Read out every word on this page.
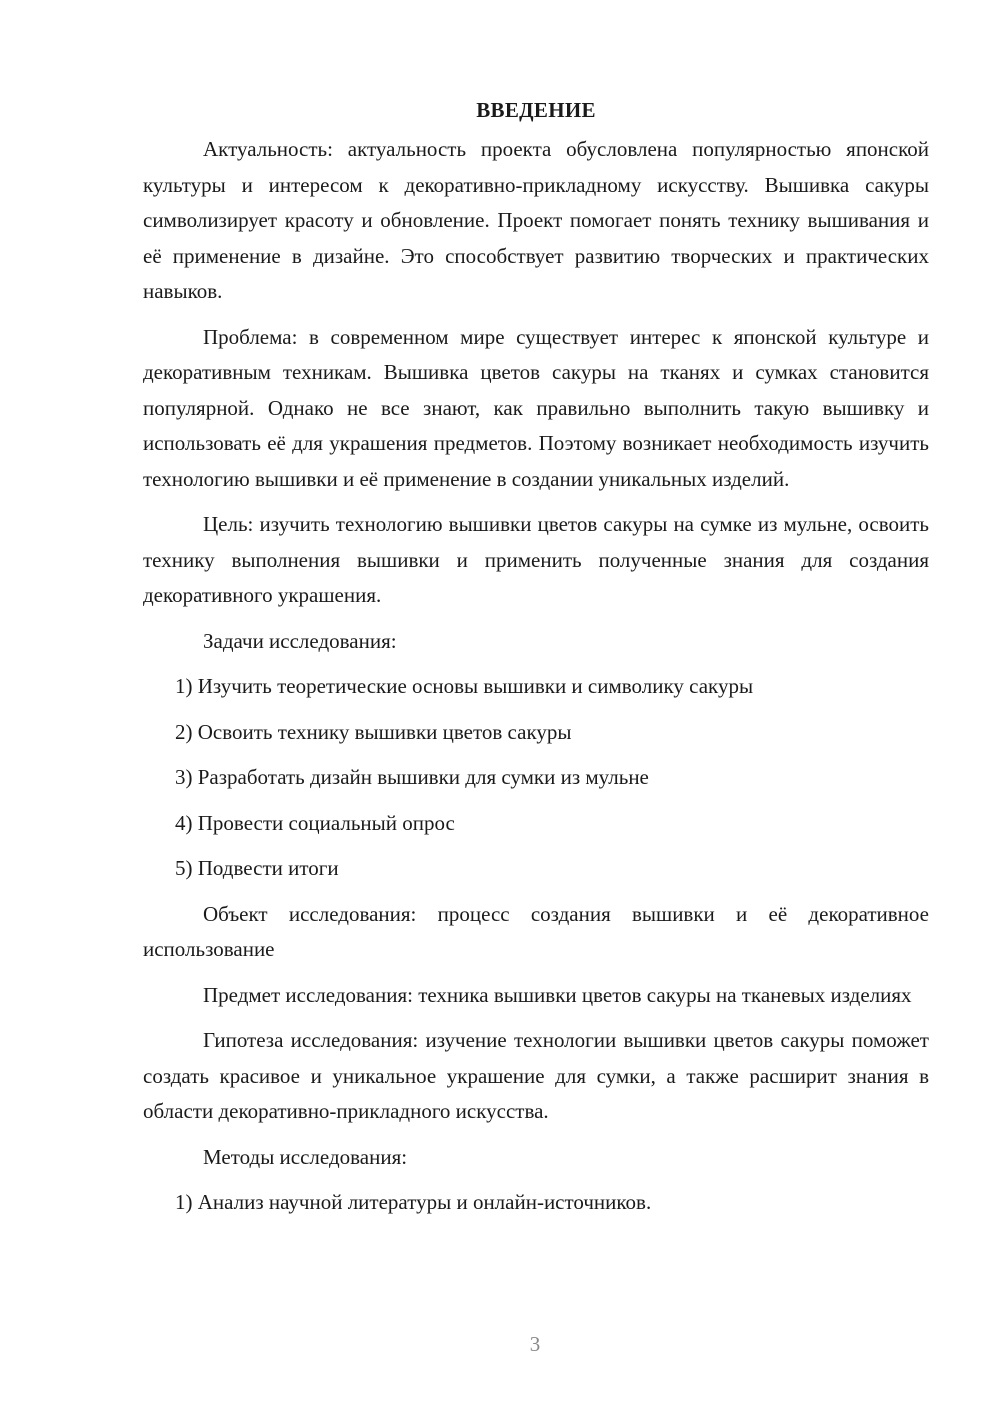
ВВЕДЕНИЕ

Актуальность: актуальность проекта обусловлена популярностью японской культуры и интересом к декоративно-прикладному искусству. Вышивка сакуры символизирует красоту и обновление. Проект помогает понять технику вышивания и её применение в дизайне. Это способствует развитию творческих и практических навыков.

Проблема: в современном мире существует интерес к японской культуре и декоративным техникам. Вышивка цветов сакуры на тканях и сумках становится популярной. Однако не все знают, как правильно выполнить такую вышивку и использовать её для украшения предметов. Поэтому возникает необходимость изучить технологию вышивки и её применение в создании уникальных изделий.

Цель: изучить технологию вышивки цветов сакуры на сумке из мульне, освоить технику выполнения вышивки и применить полученные знания для создания декоративного украшения.

Задачи исследования:

1) Изучить теоретические основы вышивки и символику сакуры
2) Освоить технику вышивки цветов сакуры
3) Разработать дизайн вышивки для сумки из мульне
4) Провести социальный опрос
5) Подвести итоги

Объект исследования: процесс создания вышивки и её декоративное использование

Предмет исследования: техника вышивки цветов сакуры на тканевых изделиях

Гипотеза исследования: изучение технологии вышивки цветов сакуры поможет создать красивое и уникальное украшение для сумки, а также расширит знания в области декоративно-прикладного искусства.

Методы исследования:

1) Анализ научной литературы и онлайн-источников.

3
